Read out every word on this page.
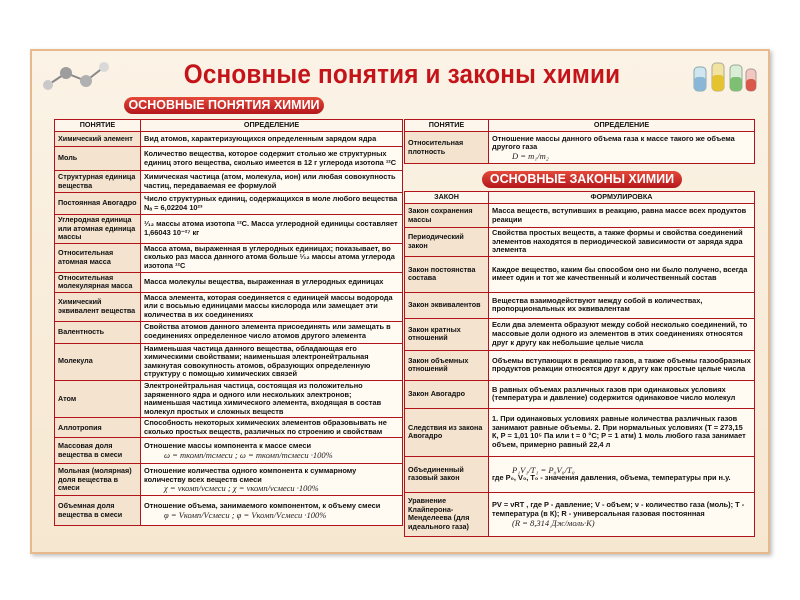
Основные понятия и законы химии
ОСНОВНЫЕ ПОНЯТИЯ ХИМИИ
ПОНЯТИЕ	ОПРЕДЕЛЕНИЕ
Химический элемент	Вид атомов, характеризующихся определенным зарядом ядра
Моль	Количество вещества, которое содержит столько же структурных единиц этого вещества, сколько имеется в 12 г углерода изотопа ¹²C
Структурная единица вещества	Химическая частица (атом, молекула, ион) или любая совокупность частиц, передаваемая ее формулой
Постоянная Авогадро	Число структурных единиц, содержащихся в моле любого вещества Nₐ = 6,02204 10²³
Углеродная единица или атомная единица массы	¹⁄₁₂ массы атома изотопа ¹²C. Масса углеродной единицы составляет 1,66043 10⁻²⁷ кг
Относительная атомная масса	Масса атома, выраженная в углеродных единицах; показывает, во сколько раз масса данного атома больше ¹⁄₁₂ массы атома углерода изотопа ¹²C
Относительная молекулярная масса	Масса молекулы вещества, выраженная в углеродных единицах
Химический эквивалент вещества	Масса элемента, которая соединяется с единицей массы водорода или с восьмью единицами массы кислорода или замещает эти количества в их соединениях
Валентность	Свойства атомов данного элемента присоединять или замещать в соединениях определенное число атомов другого элемента
Молекула	Наименьшая частица данного вещества, обладающая его химическими свойствами; наименьшая электронейтральная замкнутая совокупность атомов, образующих определенную структуру с помощью химических связей
Атом	Электронейтральная частица, состоящая из положительно заряженного ядра и одного или нескольких электронов; наименьшая частица химического элемента, входящая в состав молекул простых и сложных веществ
Аллотропия	Способность некоторых химических элементов образовывать не сколько простых веществ, различных по строению и свойствам
Массовая доля вещества в смеси	Отношение массы компонента к массе смеси
ω = mкомп/mсмеси ; ω = mкомп/mсмеси ·100%

Мольная (молярная) доля вещества в смеси	Отношение количества одного компонента к суммарному количеству всех веществ смеси
χ = νкомп/νсмеси ; χ = νкомп/νсмеси ·100%

Объемная доля вещества в смеси	Отношение объема, занимаемого компонентом, к объему смеси
φ = Vкомп/Vсмеси ; φ = Vкомп/Vсмеси ·100%
ПОНЯТИЕ	ОПРЕДЕЛЕНИЕ
Относительная плотность	Отношение массы данного объема газа к массе такого же объема другого газа
D = m₁/m₂
ОСНОВНЫЕ ЗАКОНЫ ХИМИИ
ЗАКОН	ФОРМУЛИРОВКА
Закон сохранения массы	Масса веществ, вступивших в реакцию, равна массе всех продуктов реакции
Периодический закон	Свойства простых веществ, а также формы и свойства соединений элементов находятся в периодической зависимости от заряда ядра элемента
Закон постоянства состава	Каждое вещество, каким бы способом оно ни было получено, всегда имеет один и тот же качественный и количественный состав
Закон эквивалентов	Вещества взаимодействуют между собой в количествах, пропорциональных их эквивалентам
Закон кратных отношений	Если два элемента образуют между собой несколько соединений, то массовые доли одного из элементов в этих соединениях относятся друг к другу как небольшие целые числа
Закон объемных отношений	Объемы вступающих в реакцию газов, а также объемы газообразных продуктов реакции относятся друг к другу как простые целые числа
Закон Авогадро	В равных объемах различных газов при одинаковых условиях (температура и давление) содержится одинаковое число молекул
Следствия из закона Авогадро	1. При одинаковых условиях равные количества различных газов занимают равные объемы. 2. При нормальных условиях (T = 273,15 К, P = 1,01 10⁵ Па или t = 0 °C; P = 1 атм) 1 моль любого газа занимает объем, примерно равный 22,4 л
Объединенный газовый закон	P₁V₁/T₁ = P₀V₀/T₀
где P₀, V₀, T₀ - значения давления, объема, температуры при н.у.
Уравнение Клайперона-Менделеева (для идеального газа)	PV = νRT , где P - давление; V - объем; ν - количество газа (моль); T - температура (в К); R - универсальная газовая постоянная
(R = 8,314 Дж/моль·К)
